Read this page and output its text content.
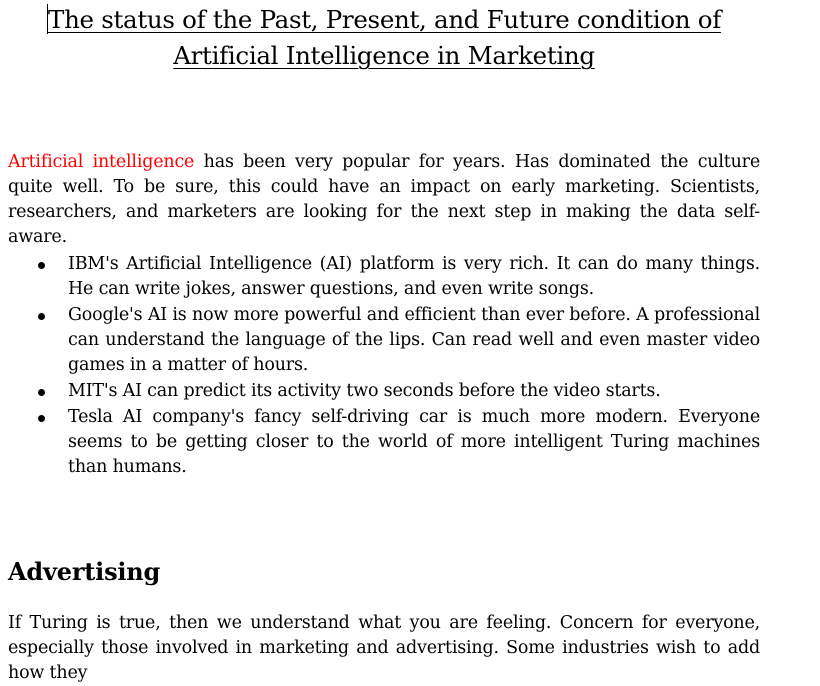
The status of the Past, Present, and Future condition of
Artificial Intelligence in Marketing

Artificial intelligence has been very popular for years. Has dominated the culture quite well. To be sure, this could have an impact on early marketing. Scientists, researchers, and marketers are looking for the next step in making the data self-aware.

IBM's Artificial Intelligence (AI) platform is very rich. It can do many things. He can write jokes, answer questions, and even write songs.
Google's AI is now more powerful and efficient than ever before. A professional can understand the language of the lips. Can read well and even master video games in a matter of hours.
MIT's AI can predict its activity two seconds before the video starts.
Tesla AI company's fancy self-driving car is much more modern. Everyone seems to be getting closer to the world of more intelligent Turing machines than humans.
Advertising

If Turing is true, then we understand what you are feeling. Concern for everyone, especially those involved in marketing and advertising. Some industries wish to add how they
